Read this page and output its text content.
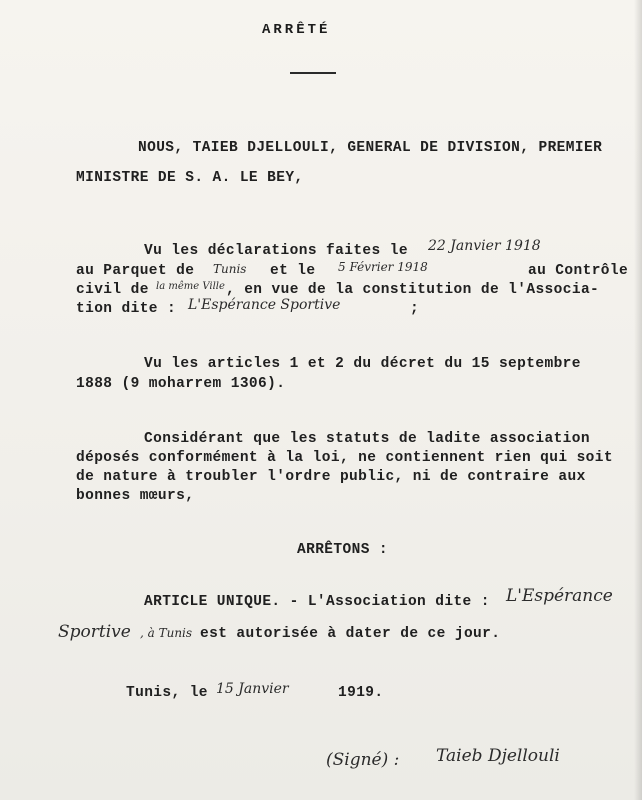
ARRÊTÉ
NOUS, TAIEB DJELLOULI, GENERAL DE DIVISION, PREMIER
MINISTRE DE S. A. LE BEY,
Vu les déclarations faites le 22 Janvier 1918
au Parquet de Tunis et le 5 Février 1918	au Contrôle
civil de la même Ville , en vue de la constitution de l'Associa-
tion dite : L'Espérance Sportive	;
Vu les articles 1 et 2 du décret du 15 septembre
1888 (9 moharrem 1306).
Considérant que les statuts de ladite association
déposés conformément à la loi, ne contiennent rien qui soit
de nature à troubler l'ordre public, ni de contraire aux
bonnes mœurs,
ARRÊTONS :
ARTICLE UNIQUE. - L'Association dite : L'Espérance
Sportive , à Tunis est autorisée à dater de ce jour.
Tunis, le 15 Janvier	1919.
(Signé) : Taieb Djellouli
